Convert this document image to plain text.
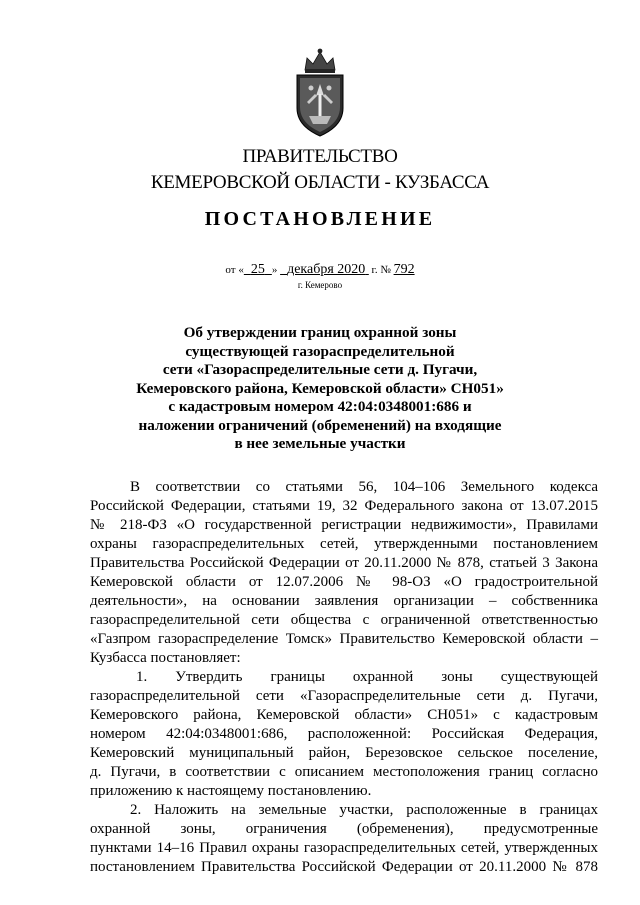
ПРАВИТЕЛЬСТВО
КЕМЕРОВСКОЙ ОБЛАСТИ - КУЗБАССА
ПОСТАНОВЛЕНИЕ
от « 25 » декабря 2020 г. № 792
г. Кемерово
Об утверждении границ охранной зоны
существующей газораспределительной
сети «Газораспределительные сети д. Пугачи,
Кемеровского района, Кемеровской области» СН051»
с кадастровым номером 42:04:0348001:686 и
наложении ограничений (обременений) на входящие
в нее земельные участки
В соответствии со статьями 56, 104–106 Земельного кодекса
Российской Федерации, статьями 19, 32 Федерального закона от 13.07.2015
№ 218-ФЗ «О государственной регистрации недвижимости», Правилами
охраны газораспределительных сетей, утвержденными постановлением
Правительства Российской Федерации от 20.11.2000 № 878, статьей 3 Закона
Кемеровской области от 12.07.2006 № 98-ОЗ «О градостроительной
деятельности», на основании заявления организации – собственника
газораспределительной сети общества с ограниченной ответственностью
«Газпром газораспределение Томск» Правительство Кемеровской области –
Кузбасса постановляет:
1. Утвердить границы охранной зоны существующей
газораспределительной сети «Газораспределительные сети д. Пугачи,
Кемеровского района, Кемеровской области» СН051» с кадастровым
номером 42:04:0348001:686, расположенной: Российская Федерация,
Кемеровский муниципальный район, Березовское сельское поселение,
д. Пугачи, в соответствии с описанием местоположения границ согласно
приложению к настоящему постановлению.
2. Наложить на земельные участки, расположенные в границах
охранной зоны, ограничения (обременения), предусмотренные
пунктами 14–16 Правил охраны газораспределительных сетей, утвержденных
постановлением Правительства Российской Федерации от 20.11.2000 № 878
